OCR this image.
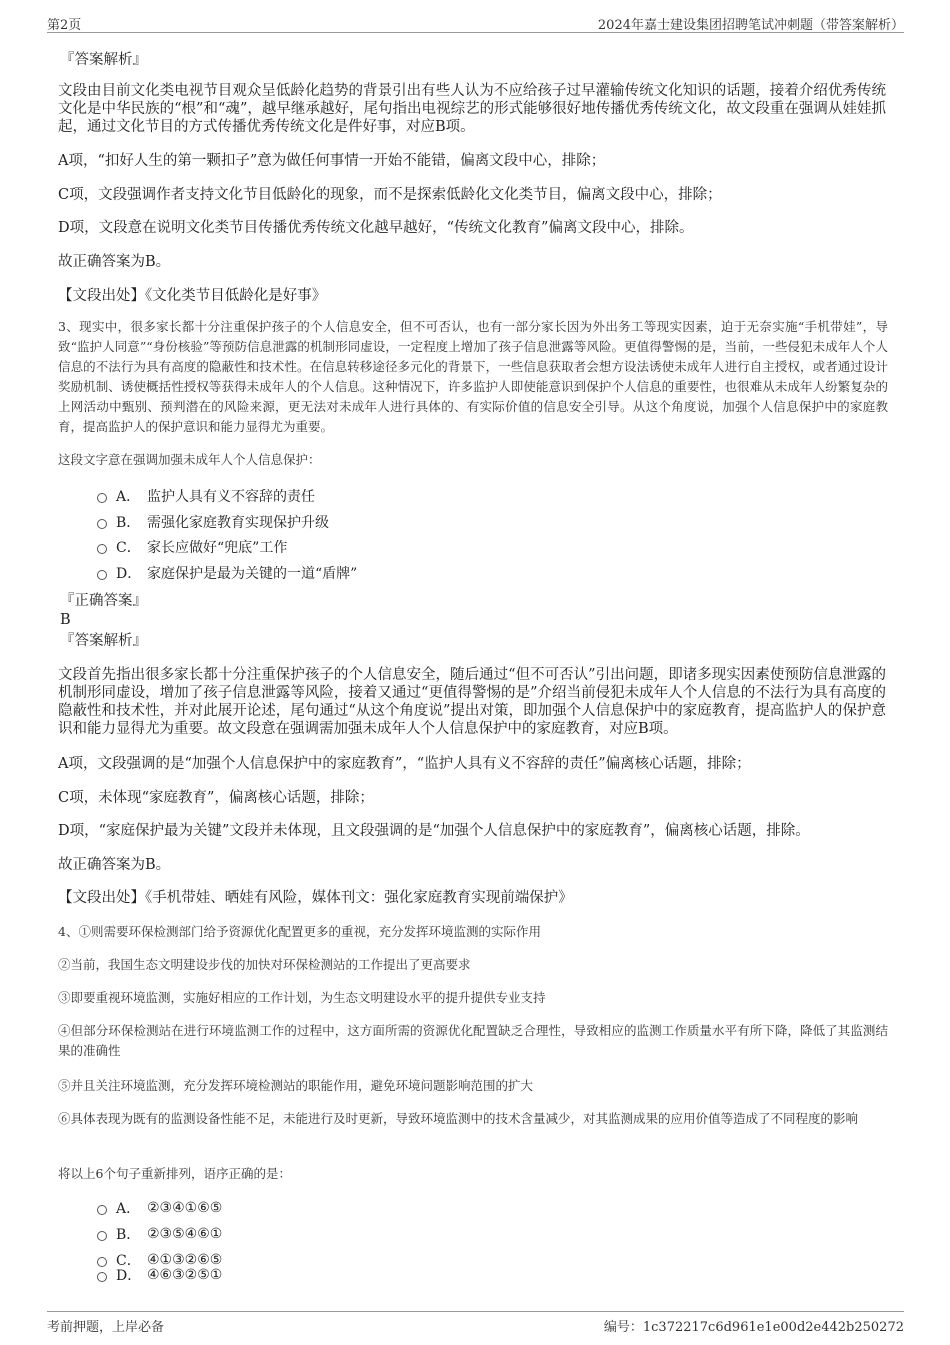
第2页	2024年嘉士建设集团招聘笔试冲刺题（带答案解析）
『答案解析』
文段由目前文化类电视节目观众呈低龄化趋势的背景引出有些人认为不应给孩子过早灌输传统文化知识的话题，接着介绍优秀传统文化是中华民族的“根”和“魂”，越早继承越好，尾句指出电视综艺的形式能够很好地传播优秀传统文化，故文段重在强调从娃娃抓起，通过文化节目的方式传播优秀传统文化是件好事，对应B项。
A项，“扣好人生的第一颗扣子”意为做任何事情一开始不能错，偏离文段中心，排除；
C项，文段强调作者支持文化节目低龄化的现象，而不是探索低龄化文化类节目，偏离文段中心，排除；
D项，文段意在说明文化类节目传播优秀传统文化越早越好，“传统文化教育”偏离文段中心，排除。
故正确答案为B。
【文段出处】《文化类节目低龄化是好事》
3、现实中，很多家长都十分注重保护孩子的个人信息安全，但不可否认，也有一部分家长因为外出务工等现实因素，迫于无奈实施“手机带娃”，导致“监护人同意”“身份核验”等预防信息泄露的机制形同虚设，一定程度上增加了孩子信息泄露等风险。更值得警惕的是，当前，一些侵犯未成年人个人信息的不法行为具有高度的隐蔽性和技术性。在信息转移途径多元化的背景下，一些信息获取者会想方设法诱使未成年人进行自主授权，或者通过设计奖励机制、诱使概括性授权等获得未成年人的个人信息。这种情况下，许多监护人即使能意识到保护个人信息的重要性，也很难从未成年人纷繁复杂的上网活动中甄别、预判潜在的风险来源，更无法对未成年人进行具体的、有实际价值的信息安全引导。从这个角度说，加强个人信息保护中的家庭教育，提高监护人的保护意识和能力显得尤为重要。
这段文字意在强调加强未成年人个人信息保护：
A． 监护人具有义不容辞的责任
B． 需强化家庭教育实现保护升级
C． 家长应做好“兜底”工作
D． 家庭保护是最为关键的一道“盾牌”
『正确答案』
B
『答案解析』
文段首先指出很多家长都十分注重保护孩子的个人信息安全，随后通过“但不可否认”引出问题，即诸多现实因素使预防信息泄露的机制形同虚设，增加了孩子信息泄露等风险，接着又通过“更值得警惕的是”介绍当前侵犯未成年人个人信息的不法行为具有高度的隐蔽性和技术性，并对此展开论述，尾句通过“从这个角度说”提出对策，即加强个人信息保护中的家庭教育，提高监护人的保护意识和能力显得尤为重要。故文段意在强调需加强未成年人个人信息保护中的家庭教育，对应B项。
A项，文段强调的是“加强个人信息保护中的家庭教育”，“监护人具有义不容辞的责任”偏离核心话题，排除；
C项，未体现“家庭教育”，偏离核心话题，排除；
D项，“家庭保护最为关键”文段并未体现，且文段强调的是“加强个人信息保护中的家庭教育”，偏离核心话题，排除。
故正确答案为B。
【文段出处】《手机带娃、晒娃有风险，媒体刊文：强化家庭教育实现前端保护》
4、①则需要环保检测部门给予资源优化配置更多的重视，充分发挥环境监测的实际作用
②当前，我国生态文明建设步伐的加快对环保检测站的工作提出了更高要求
③即要重视环境监测，实施好相应的工作计划，为生态文明建设水平的提升提供专业支持
④但部分环保检测站在进行环境监测工作的过程中，这方面所需的资源优化配置缺乏合理性，导致相应的监测工作质量水平有所下降，降低了其监测结果的准确性
⑤并且关注环境监测，充分发挥环境检测站的职能作用，避免环境问题影响范围的扩大
⑥具体表现为既有的监测设备性能不足，未能进行及时更新，导致环境监测中的技术含量减少，对其监测成果的应用价值等造成了不同程度的影响
将以上6个句子重新排列，语序正确的是：
A． ②③④①⑥⑤
B． ②③⑤④⑥①
C． ④①③②⑥⑤
D． ④⑥③②⑤①
考前押题，上岸必备	编号：1c372217c6d961e1e00d2e442b250272
